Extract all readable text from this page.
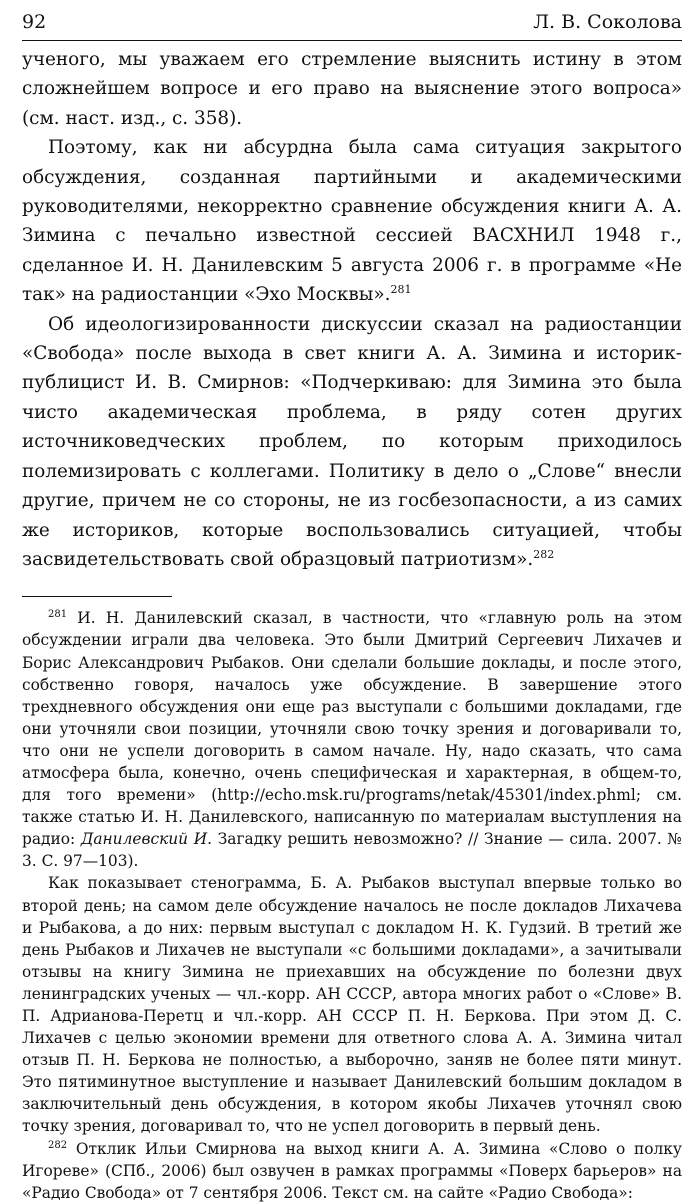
92	Л. В. Соколова

ученого, мы уважаем его стремление выяснить истину в этом сложнейшем вопросе и его право на выяснение этого вопроса» (см. наст. изд., с. 358).

Поэтому, как ни абсурдна была сама ситуация закрытого обсуждения, созданная партийными и академическими руководителями, некорректно сравнение обсуждения книги А. А. Зимина с печально известной сессией ВАСХНИЛ 1948 г., сделанное И. Н. Данилевским 5 августа 2006 г. в программе «Не так» на радиостанции «Эхо Москвы».$^{281}$

Об идеологизированности дискуссии сказал на радиостанции «Свобода» после выхода в свет книги А. А. Зимина и историк-публицист И. В. Смирнов: «Подчеркиваю: для Зимина это была чисто академическая проблема, в ряду сотен других источниковедческих проблем, по которым приходилось полемизировать с коллегами. Политику в дело о „Слове“ внесли другие, причем не со стороны, не из госбезопасности, а из самих же историков, которые воспользовались ситуацией, чтобы засвидетельствовать свой образцовый патриотизм».$^{282}$

$^{281}$ И. Н. Данилевский сказал, в частности, что «главную роль на этом обсуждении играли два человека. Это были Дмитрий Сергеевич Лихачев и Борис Александрович Рыбаков. Они сделали большие доклады, и после этого, собственно говоря, началось уже обсуждение. В завершение этого трехдневного обсуждения они еще раз выступали с большими докладами, где они уточняли свои позиции, уточняли свою точку зрения и договаривали то, что они не успели договорить в самом начале. Ну, надо сказать, что сама атмосфера была, конечно, очень специфическая и характерная, в общем-то, для того времени» (http://echo.msk.ru/programs/netak/45301/index.phml; см. также статью И. Н. Данилевского, написанную по материалам выступления на радио: Данилевский И. Загадку решить невозможно? // Знание — сила. 2007. № 3. С. 97—103).

Как показывает стенограмма, Б. А. Рыбаков выступал впервые только во второй день; на самом деле обсуждение началось не после докладов Лихачева и Рыбакова, а до них: первым выступал с докладом Н. К. Гудзий. В третий же день Рыбаков и Лихачев не выступали «с большими докладами», а зачитывали отзывы на книгу Зимина не приехавших на обсуждение по болезни двух ленинградских ученых — чл.-корр. АН СССР, автора многих работ о «Слове» В. П. Адрианова-Перетц и чл.-корр. АН СССР П. Н. Беркова. При этом Д. С. Лихачев с целью экономии времени для ответного слова А. А. Зимина читал отзыв П. Н. Беркова не полностью, а выборочно, заняв не более пяти минут. Это пятиминутное выступление и называет Данилевский большим докладом в заключительный день обсуждения, в котором якобы Лихачев уточнял свою точку зрения, договаривал то, что не успел договорить в первый день.

$^{282}$ Отклик Ильи Смирнова на выход книги А. А. Зимина «Слово о полку Игореве» (СПб., 2006) был озвучен в рамках программы «Поверх барьеров» на «Радио Свобода» от 7 сентября 2006. Текст см. на сайте «Радио Свобода»:
